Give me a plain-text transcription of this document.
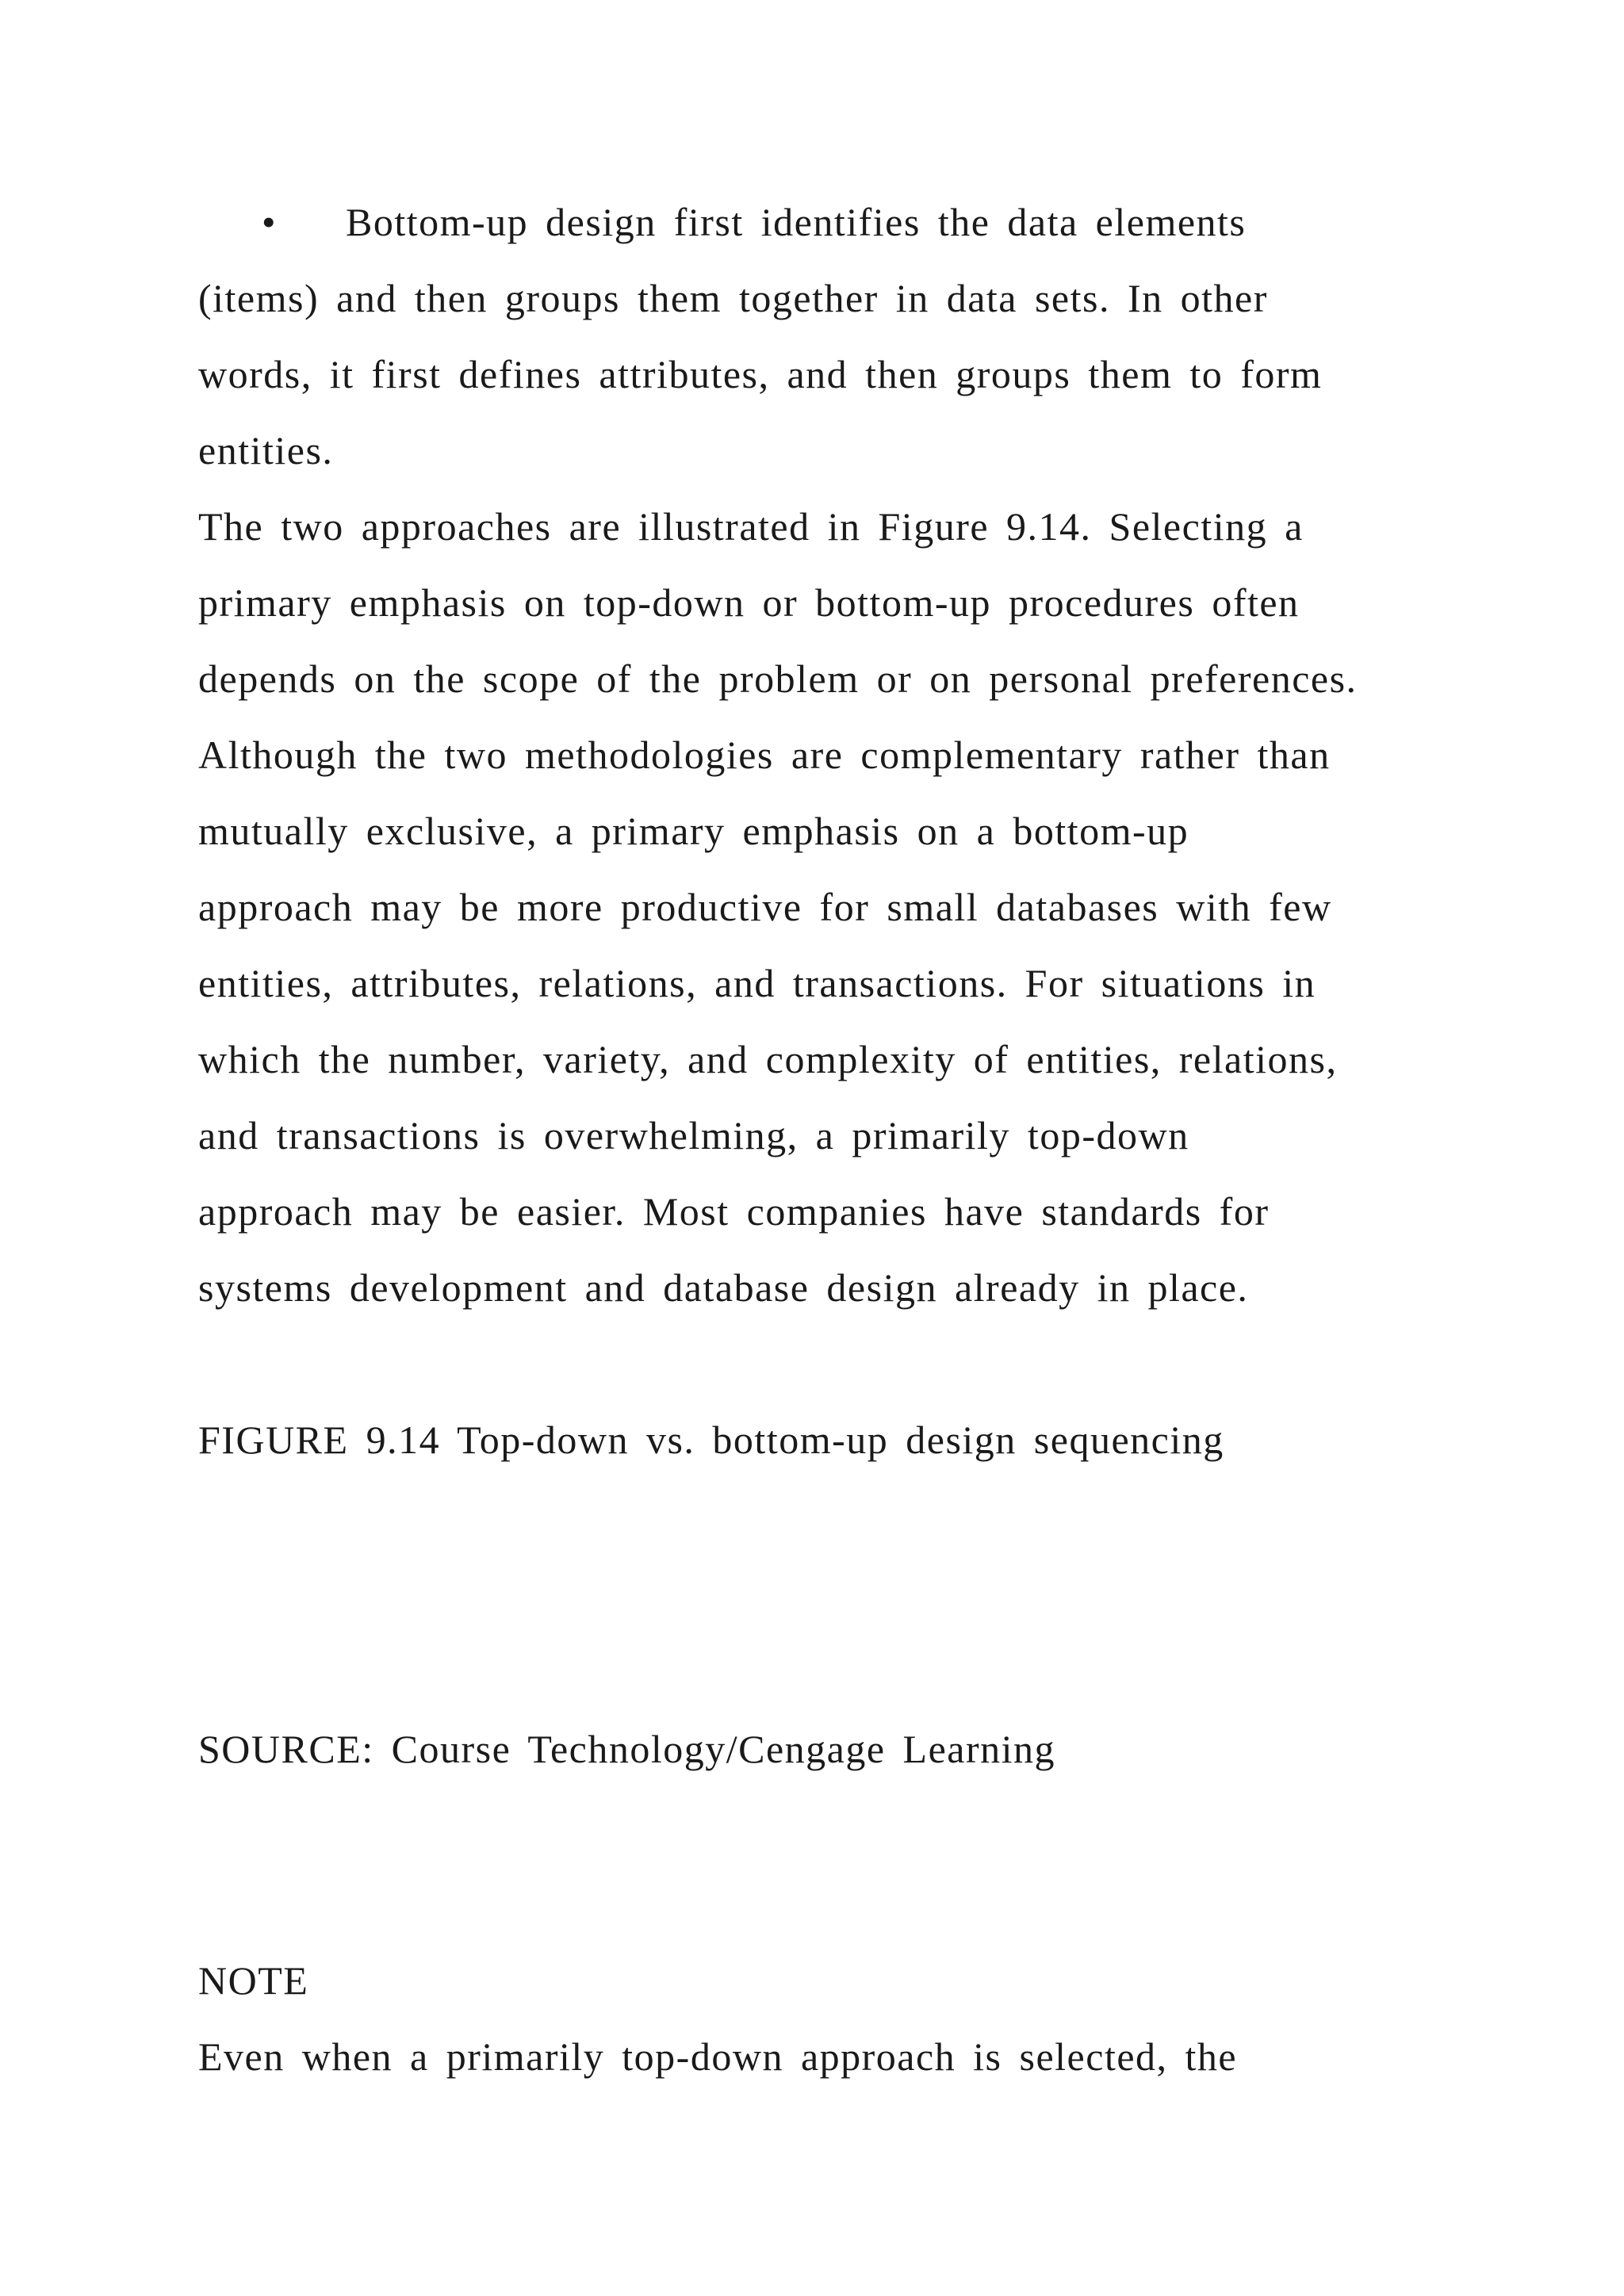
• Bottom-up design first identifies the data elements
(items) and then groups them together in data sets. In other
words, it first defines attributes, and then groups them to form
entities.
The two approaches are illustrated in Figure 9.14. Selecting a
primary emphasis on top-down or bottom-up procedures often
depends on the scope of the problem or on personal preferences.
Although the two methodologies are complementary rather than
mutually exclusive, a primary emphasis on a bottom-up
approach may be more productive for small databases with few
entities, attributes, relations, and transactions. For situations in
which the number, variety, and complexity of entities, relations,
and transactions is overwhelming, a primarily top-down
approach may be easier. Most companies have standards for
systems development and database design already in place.
FIGURE 9.14 Top-down vs. bottom-up design sequencing
SOURCE: Course Technology/Cengage Learning
NOTE
Even when a primarily top-down approach is selected, the
